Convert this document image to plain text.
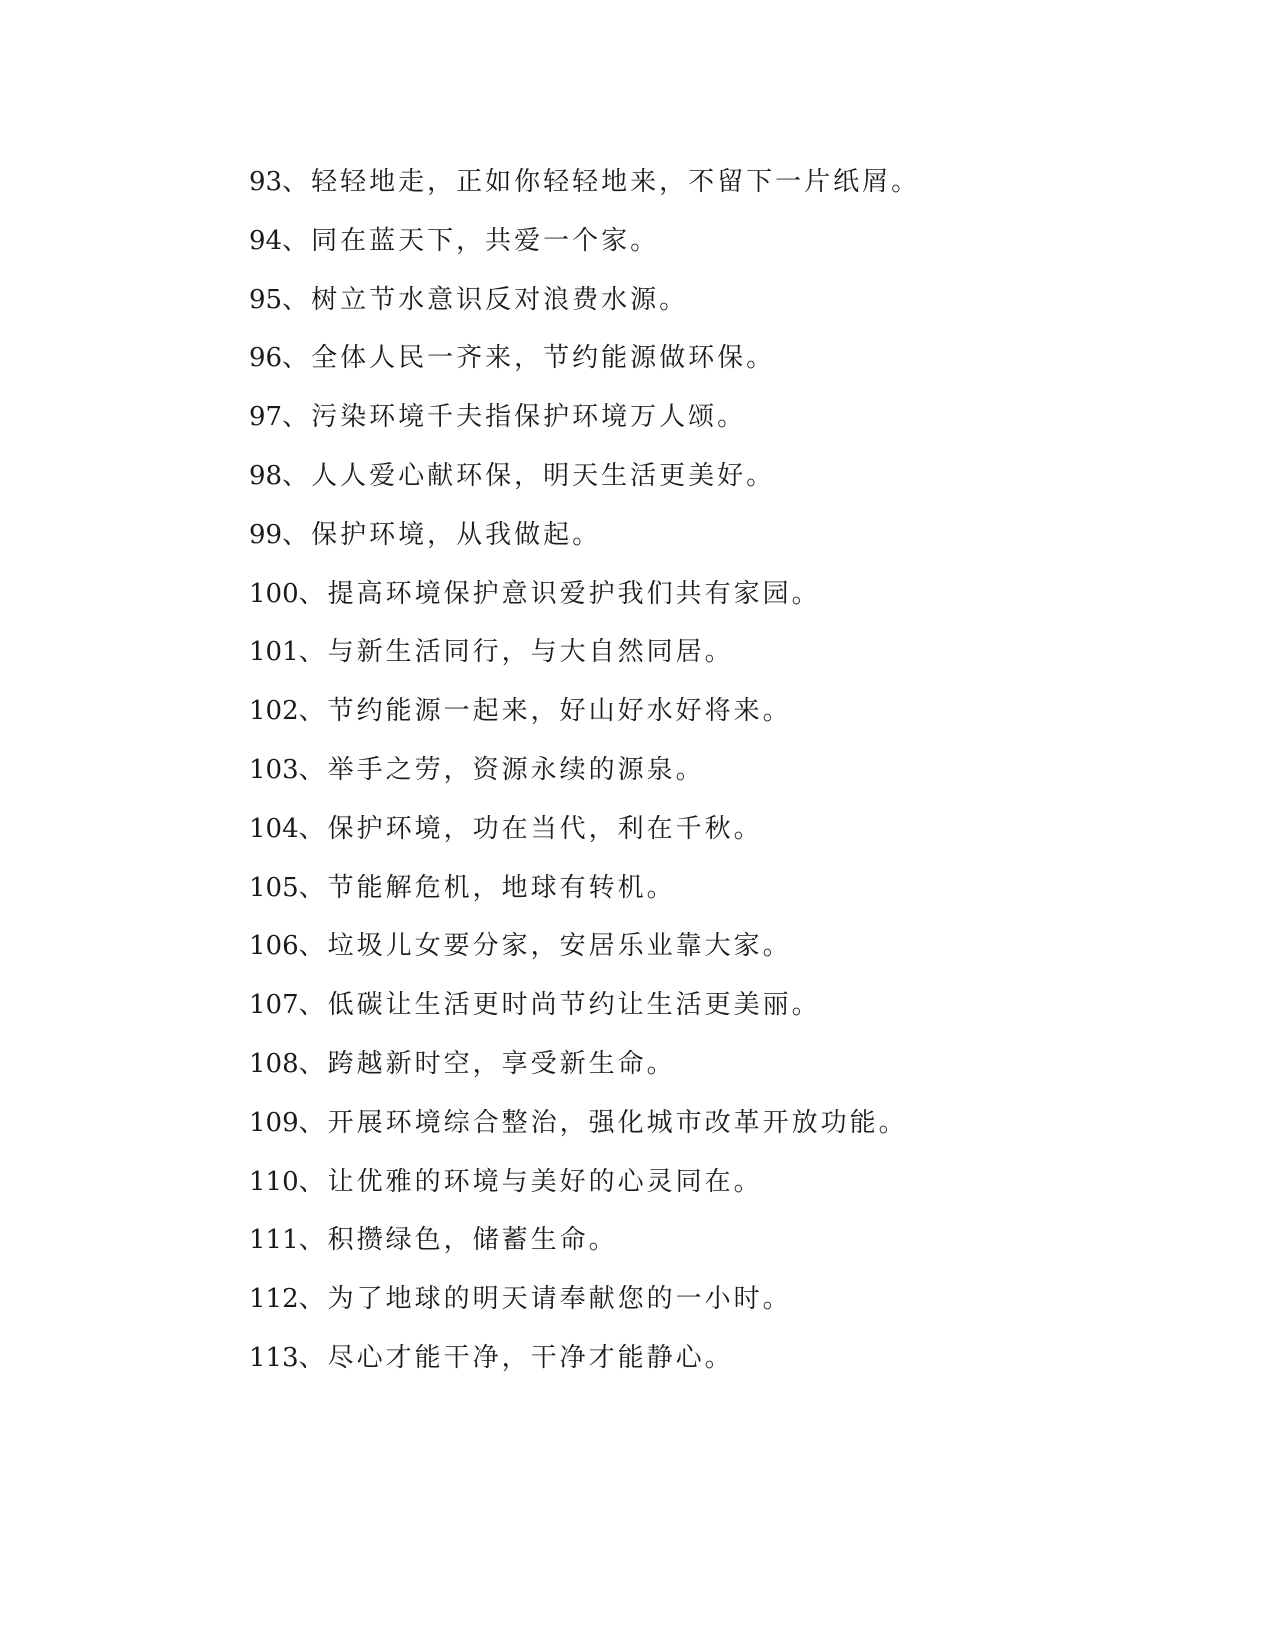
93、轻轻地走，正如你轻轻地来，不留下一片纸屑。
94、同在蓝天下，共爱一个家。
95、树立节水意识反对浪费水源。
96、全体人民一齐来，节约能源做环保。
97、污染环境千夫指保护环境万人颂。
98、人人爱心献环保，明天生活更美好。
99、保护环境，从我做起。
100、提高环境保护意识爱护我们共有家园。
101、与新生活同行，与大自然同居。
102、节约能源一起来，好山好水好将来。
103、举手之劳，资源永续的源泉。
104、保护环境，功在当代，利在千秋。
105、节能解危机，地球有转机。
106、垃圾儿女要分家，安居乐业靠大家。
107、低碳让生活更时尚节约让生活更美丽。
108、跨越新时空，享受新生命。
109、开展环境综合整治，强化城市改革开放功能。
110、让优雅的环境与美好的心灵同在。
111、积攒绿色，储蓄生命。
112、为了地球的明天请奉献您的一小时。
113、尽心才能干净，干净才能静心。
